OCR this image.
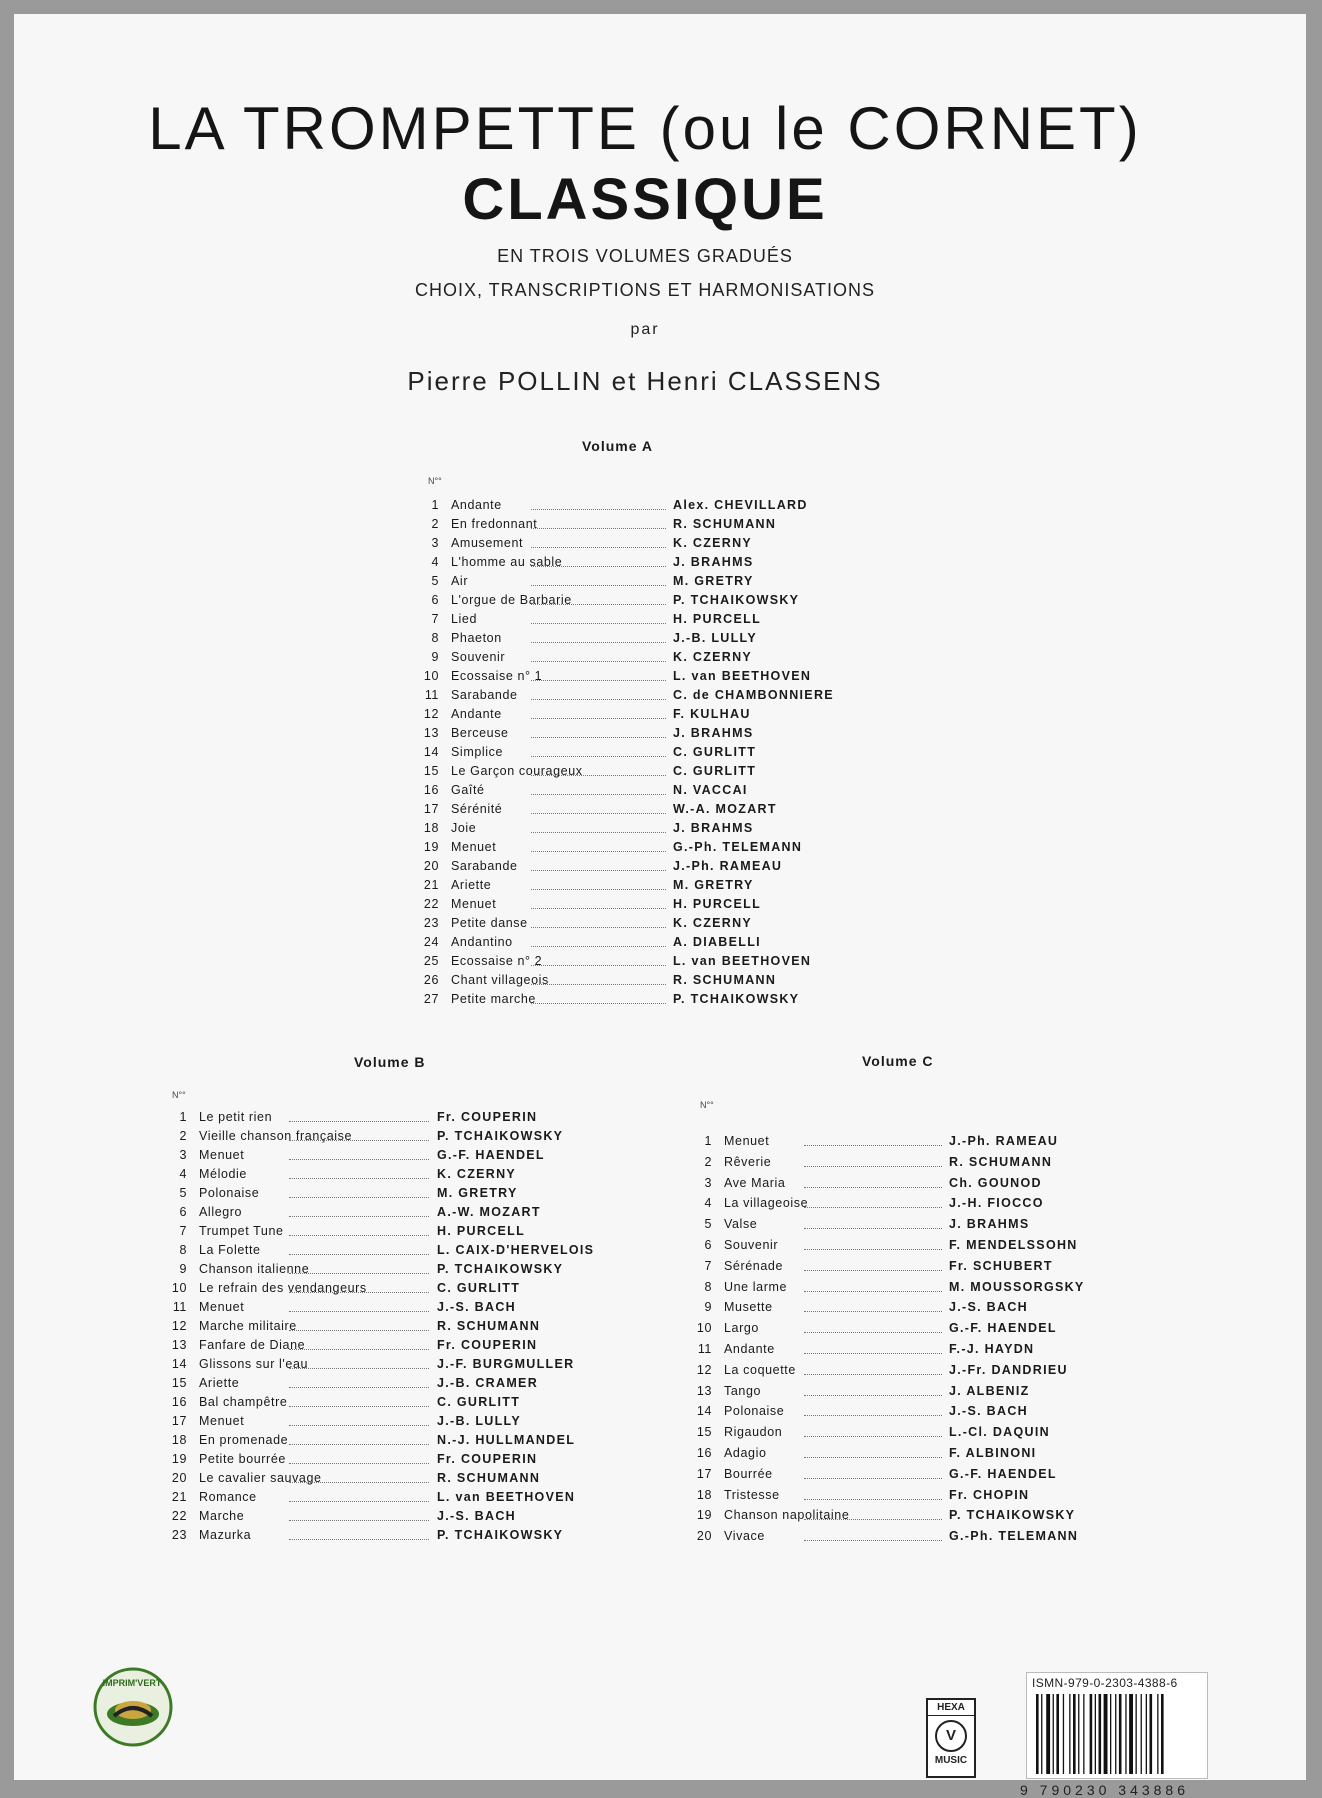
LA TROMPETTE (ou le CORNET)
CLASSIQUE
EN TROIS VOLUMES GRADUÉS
CHOIX, TRANSCRIPTIONS ET HARMONISATIONS
par
Pierre POLLIN et Henri CLASSENS
Volume A
N°°
1 Andante	Alex. CHEVILLARD
2 En fredonnant	R. SCHUMANN
3 Amusement	K. CZERNY
4 L'homme au sable	J. BRAHMS
5 Air	M. GRETRY
6 L'orgue de Barbarie	P. TCHAIKOWSKY
7 Lied	H. PURCELL
8 Phaeton	J.-B. LULLY
9 Souvenir	K. CZERNY
10 Ecossaise n° 1	L. van BEETHOVEN
11 Sarabande	C. de CHAMBONNIERE
12 Andante	F. KULHAU
13 Berceuse	J. BRAHMS
14 Simplice	C. GURLITT
15 Le Garçon courageux	C. GURLITT
16 Gaîté	N. VACCAI
17 Sérénité	W.-A. MOZART
18 Joie	J. BRAHMS
19 Menuet	G.-Ph. TELEMANN
20 Sarabande	J.-Ph. RAMEAU
21 Ariette	M. GRETRY
22 Menuet	H. PURCELL
23 Petite danse	K. CZERNY
24 Andantino	A. DIABELLI
25 Ecossaise n° 2	L. van BEETHOVEN
26 Chant villageois	R. SCHUMANN
27 Petite marche	P. TCHAIKOWSKY
Volume B
N°°
1 Le petit rien	Fr. COUPERIN
2 Vieille chanson française	P. TCHAIKOWSKY
3 Menuet	G.-F. HAENDEL
4 Mélodie	K. CZERNY
5 Polonaise	M. GRETRY
6 Allegro	A.-W. MOZART
7 Trumpet Tune	H. PURCELL
8 La Folette	L. CAIX-D'HERVELOIS
9 Chanson italienne	P. TCHAIKOWSKY
10 Le refrain des vendangeurs	C. GURLITT
11 Menuet	J.-S. BACH
12 Marche militaire	R. SCHUMANN
13 Fanfare de Diane	Fr. COUPERIN
14 Glissons sur l'eau	J.-F. BURGMULLER
15 Ariette	J.-B. CRAMER
16 Bal champêtre	C. GURLITT
17 Menuet	J.-B. LULLY
18 En promenade	N.-J. HULLMANDEL
19 Petite bourrée	Fr. COUPERIN
20 Le cavalier sauvage	R. SCHUMANN
21 Romance	L. van BEETHOVEN
22 Marche	J.-S. BACH
23 Mazurka	P. TCHAIKOWSKY
Volume C
N°°
1 Menuet	J.-Ph. RAMEAU
2 Rêverie	R. SCHUMANN
3 Ave Maria	Ch. GOUNOD
4 La villageoise	J.-H. FIOCCO
5 Valse	J. BRAHMS
6 Souvenir	F. MENDELSSOHN
7 Sérénade	Fr. SCHUBERT
8 Une larme	M. MOUSSORGSKY
9 Musette	J.-S. BACH
10 Largo	G.-F. HAENDEL
11 Andante	F.-J. HAYDN
12 La coquette	J.-Fr. DANDRIEU
13 Tango	J. ALBENIZ
14 Polonaise	J.-S. BACH
15 Rigaudon	L.-Cl. DAQUIN
16 Adagio	F. ALBINONI
17 Bourrée	G.-F. HAENDEL
18 Tristesse	Fr. CHOPIN
19 Chanson napolitaine	P. TCHAIKOWSKY
20 Vivace	G.-Ph. TELEMANN
IMPRIM'VERT
HEXA
V
MUSIC
ISMN-979-0-2303-4388-6
9 790230 343886
